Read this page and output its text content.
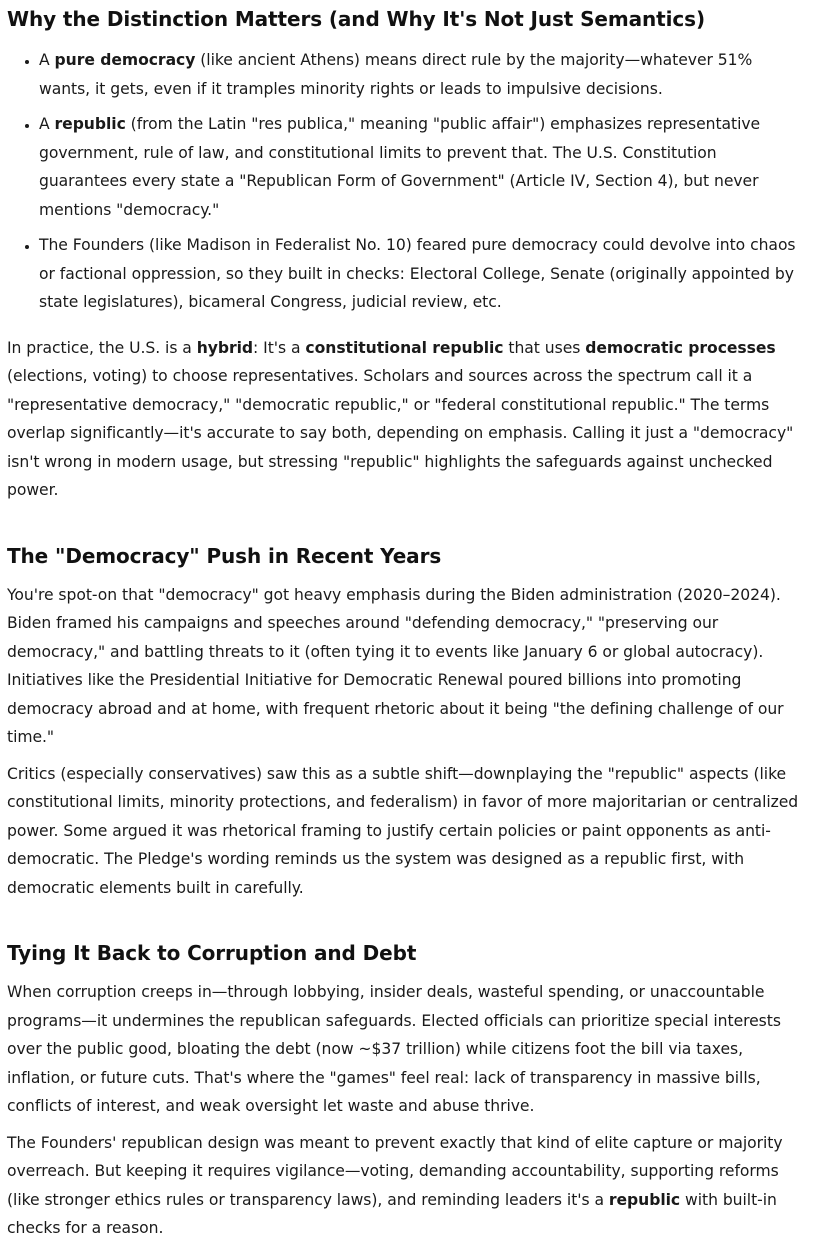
Why the Distinction Matters (and Why It's Not Just Semantics)
• A pure democracy (like ancient Athens) means direct rule by the majority—whatever 51% wants, it gets, even if it tramples minority rights or leads to impulsive decisions.
• A republic (from the Latin "res publica," meaning "public affair") emphasizes representative government, rule of law, and constitutional limits to prevent that. The U.S. Constitution guarantees every state a "Republican Form of Government" (Article IV, Section 4), but never mentions "democracy."
• The Founders (like Madison in Federalist No. 10) feared pure democracy could devolve into chaos or factional oppression, so they built in checks: Electoral College, Senate (originally appointed by state legislatures), bicameral Congress, judicial review, etc.

In practice, the U.S. is a hybrid: It's a constitutional republic that uses democratic processes (elections, voting) to choose representatives. Scholars and sources across the spectrum call it a "representative democracy," "democratic republic," or "federal constitutional republic." The terms overlap significantly—it's accurate to say both, depending on emphasis. Calling it just a "democracy" isn't wrong in modern usage, but stressing "republic" highlights the safeguards against unchecked power.

The "Democracy" Push in Recent Years

You're spot-on that "democracy" got heavy emphasis during the Biden administration (2020–2024). Biden framed his campaigns and speeches around "defending democracy," "preserving our democracy," and battling threats to it (often tying it to events like January 6 or global autocracy). Initiatives like the Presidential Initiative for Democratic Renewal poured billions into promoting democracy abroad and at home, with frequent rhetoric about it being "the defining challenge of our time."

Critics (especially conservatives) saw this as a subtle shift—downplaying the "republic" aspects (like constitutional limits, minority protections, and federalism) in favor of more majoritarian or centralized power. Some argued it was rhetorical framing to justify certain policies or paint opponents as anti-democratic. The Pledge's wording reminds us the system was designed as a republic first, with democratic elements built in carefully.

Tying It Back to Corruption and Debt

When corruption creeps in—through lobbying, insider deals, wasteful spending, or unaccountable programs—it undermines the republican safeguards. Elected officials can prioritize special interests over the public good, bloating the debt (now ~$37 trillion) while citizens foot the bill via taxes, inflation, or future cuts. That's where the "games" feel real: lack of transparency in massive bills, conflicts of interest, and weak oversight let waste and abuse thrive.

The Founders' republican design was meant to prevent exactly that kind of elite capture or majority overreach. But keeping it requires vigilance—voting, demanding accountability, supporting reforms (like stronger ethics rules or transparency laws), and reminding leaders it's a republic with built-in checks for a reason.
